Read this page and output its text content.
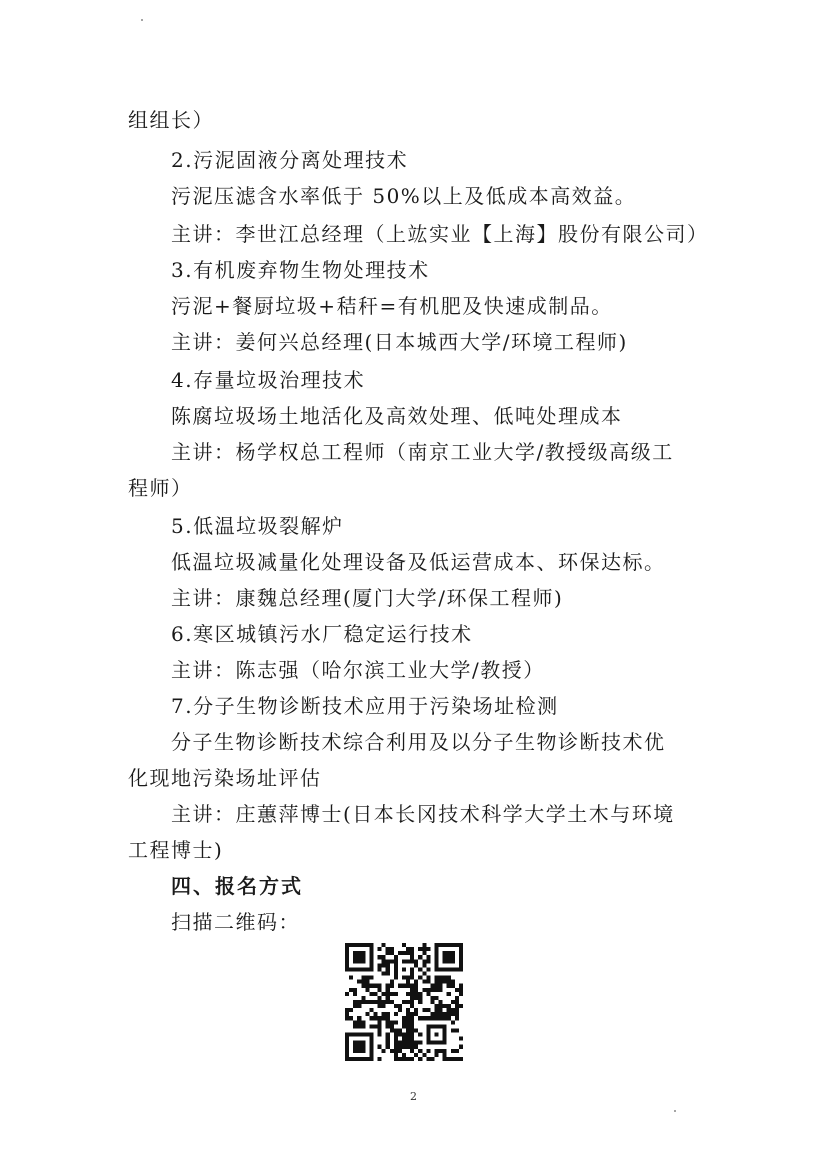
组组长）
2.污泥固液分离处理技术
污泥压滤含水率低于 50%以上及低成本高效益。
主讲：李世江总经理（上竑实业【上海】股份有限公司）
3.有机废弃物生物处理技术
污泥+餐厨垃圾+秸秆=有机肥及快速成制品。
主讲：姜何兴总经理(日本城西大学/环境工程师)
4.存量垃圾治理技术
陈腐垃圾场土地活化及高效处理、低吨处理成本
主讲：杨学权总工程师（南京工业大学/教授级高级工
程师）
5.低温垃圾裂解炉
低温垃圾减量化处理设备及低运营成本、环保达标。
主讲：康魏总经理(厦门大学/环保工程师)
6.寒区城镇污水厂稳定运行技术
主讲：陈志强（哈尔滨工业大学/教授）
7.分子生物诊断技术应用于污染场址检测
分子生物诊断技术综合利用及以分子生物诊断技术优
化现地污染场址评估
主讲：庄蕙萍博士(日本长冈技术科学大学土木与环境
工程博士)
四、报名方式
扫描二维码：
2
